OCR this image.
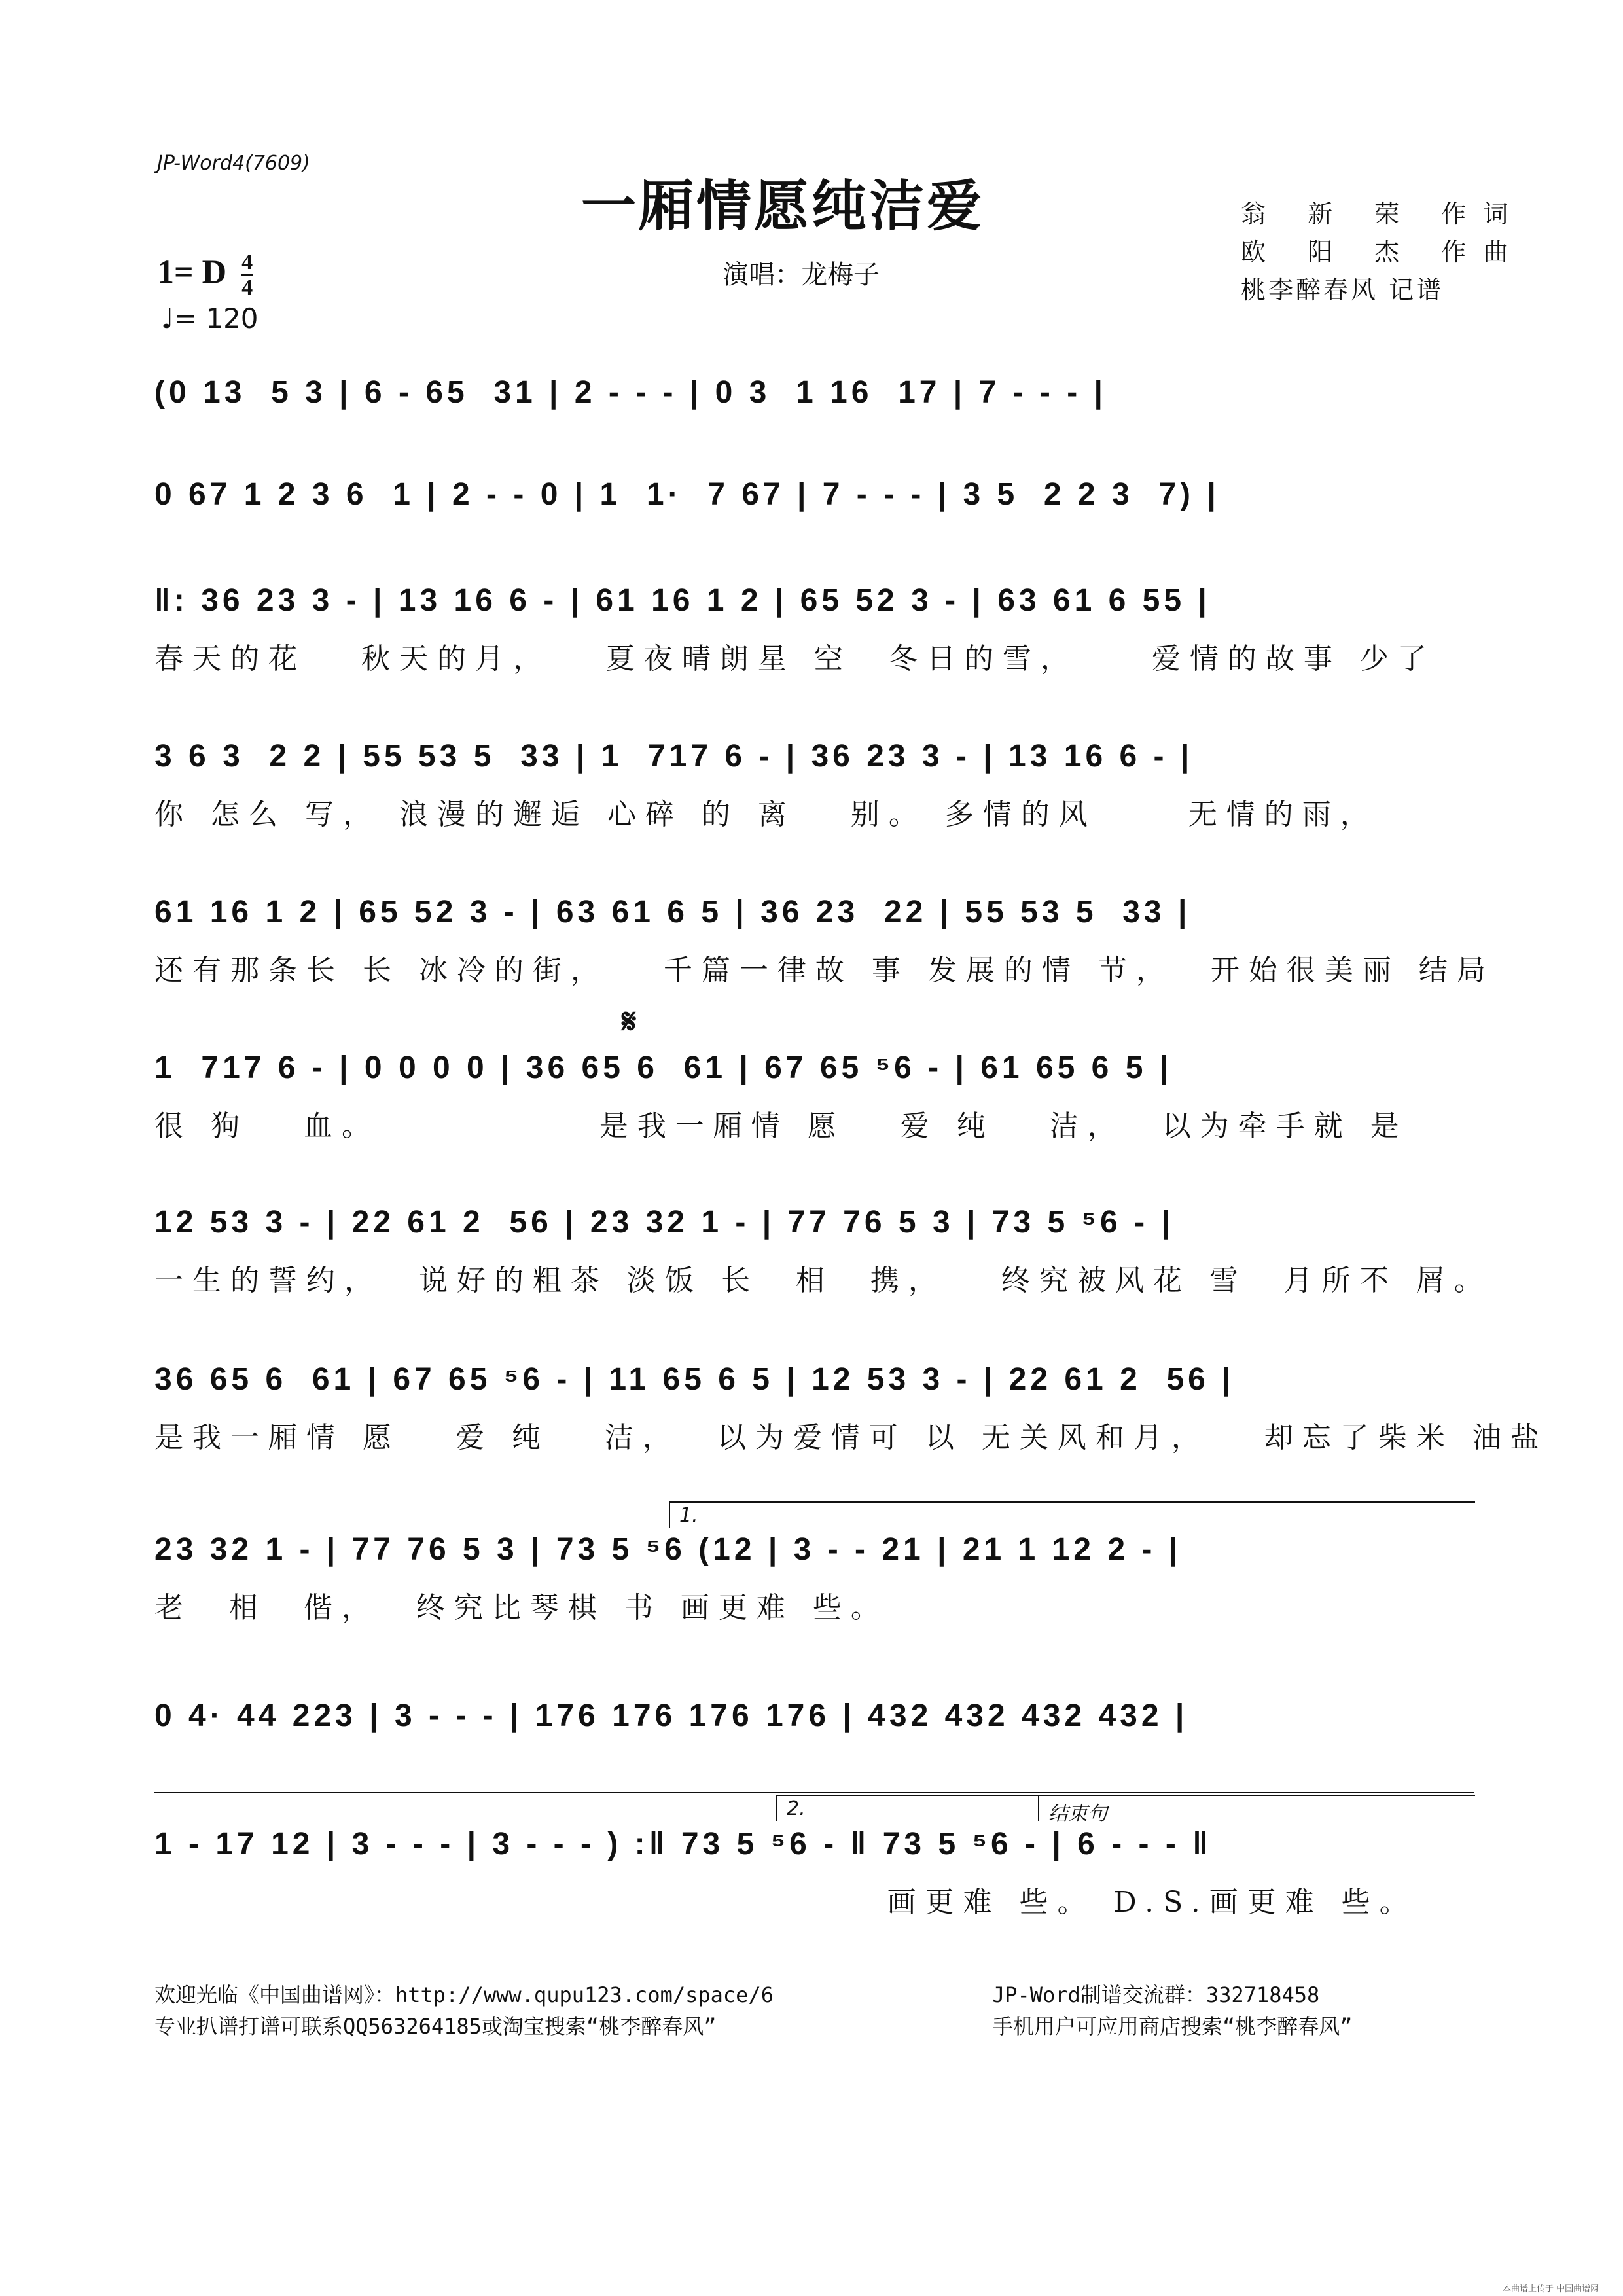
JP-Word4(7609)
一厢情愿纯洁爱	翁 新 荣 作词
欧 阳 杰 作曲
桃李醉春风 记谱
1= D $\frac{4}{4}$
♩= 120
演唱：龙梅子
(0 13  5 3 | 6 - 65  31 | 2 - - - | 0 3  1 16  17 | 7 - - - |
0 67 1 2 3 6  1 | 2 - - 0 | 1  1·  7 67 | 7 - - - | 3 5  2 2 3  7) |
‖: 36 23 3 - | 13 16 6 - | 61 16 1 2 | 65 52 3 - | 63 61 6 55 |
春天的花   秋天的月，   夏夜晴朗星 空  冬日的雪，    爱情的故事 少了
3 6 3  2 2 | 55 53 5  33 | 1  717 6 - | 36 23 3 - | 13 16 6 - |
你 怎么 写， 浪漫的邂逅 心碎 的 离   别。 多情的风     无情的雨，
61 16 1 2 | 65 52 3 - | 63 61 6 5 | 36 23  22 | 55 53 5  33 |
还有那条长 长 冰冷的街，   千篇一律故 事 发展的情 节，  开始很美丽 结局
𝄋
1  717 6 - | 0 0 0 0 | 36 65 6  61 | 67 65 ⁵6 - | 61 65 6 5 |
很 狗   血。            是我一厢情 愿   爱 纯   洁，  以为牵手就 是
12 53 3 - | 22 61 2  56 | 23 32 1 - | 77 76 5 3 | 73 5 ⁵6 - |
一生的誓约，  说好的粗茶 淡饭 长  相  携，   终究被风花 雪  月所不 屑。
36 65 6  61 | 67 65 ⁵6 - | 11 65 6 5 | 12 53 3 - | 22 61 2  56 |
是我一厢情 愿   爱 纯   洁，  以为爱情可 以 无关风和月，   却忘了柴米 油盐
1.
23 32 1 - | 77 76 5 3 | 73 5 ⁵6 (12 | 3 - - 21 | 21 1 12 2 - |
老  相  偕，  终究比琴棋 书 画更难 些。
0 4· 44 223 | 3 - - - | 176 176 176 176 | 432 432 432 432 |
2.	结束句
1 - 17 12 | 3 - - - | 3 - - - ) :‖ 73 5 ⁵6 - ‖ 73 5 ⁵6 - | 6 - - - ‖
画更难 些。 D.S.画更难 些。
欢迎光临《中国曲谱网》：http://www.qupu123.com/space/6
专业扒谱打谱可联系QQ563264185或淘宝搜索“桃李醉春风”
JP-Word制谱交流群：332718458
手机用户可应用商店搜索“桃李醉春风”
本曲谱上传于 中国曲谱网
